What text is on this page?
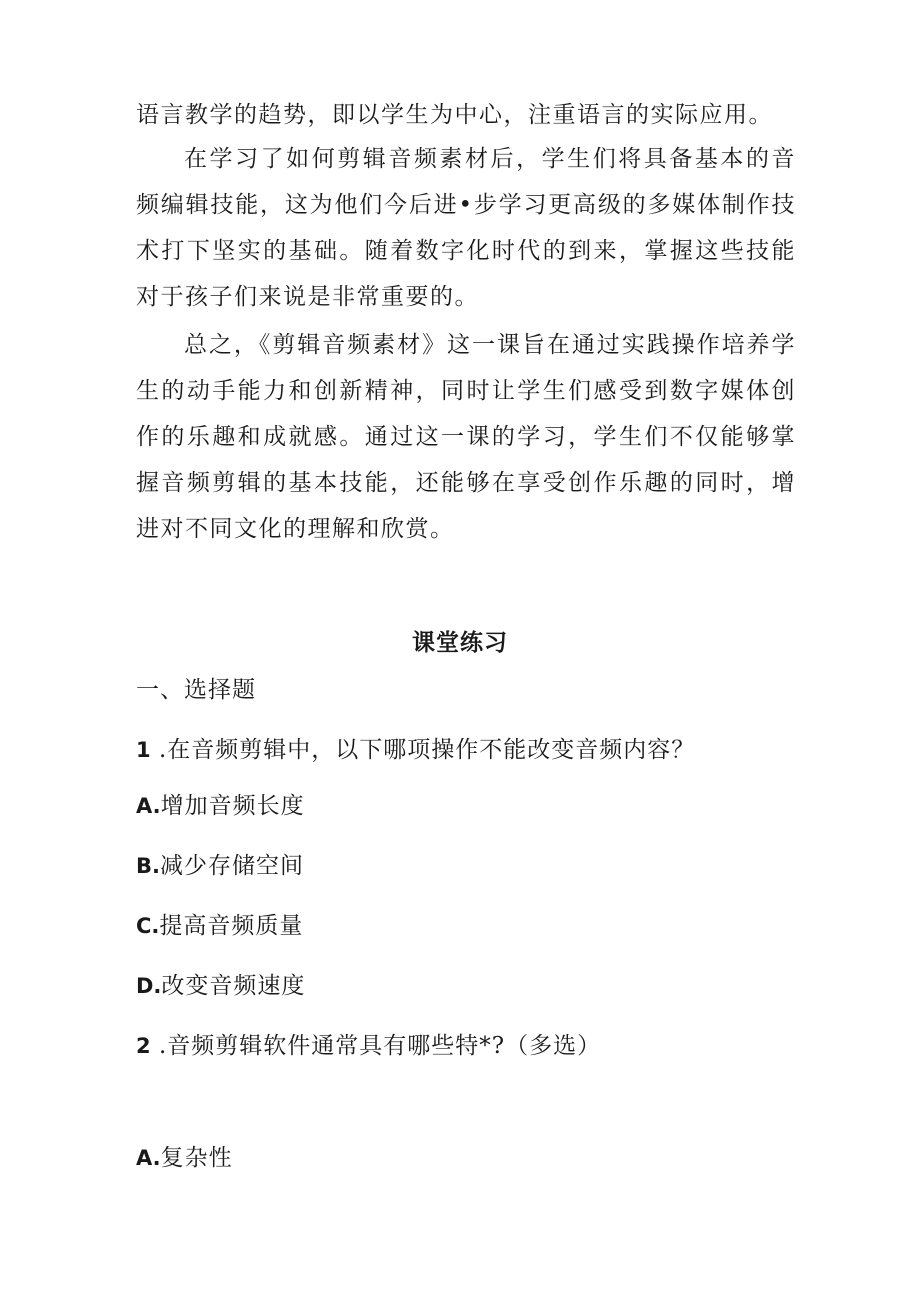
语言教学的趋势，即以学生为中心，注重语言的实际应用。

在学习了如何剪辑音频素材后，学生们将具备基本的音频编辑技能，这为他们今后进•步学习更高级的多媒体制作技术打下坚实的基础。随着数字化时代的到来，掌握这些技能对于孩子们来说是非常重要的。

总之，《剪辑音频素材》这一课旨在通过实践操作培养学生的动手能力和创新精神，同时让学生们感受到数字媒体创作的乐趣和成就感。通过这一课的学习，学生们不仅能够掌握音频剪辑的基本技能，还能够在享受创作乐趣的同时，增进对不同文化的理解和欣赏。

课堂练习

一、选择题

1 .在音频剪辑中，以下哪项操作不能改变音频内容？

A.增加音频长度

B.减少存储空间

C.提高音频质量

D.改变音频速度

2 .音频剪辑软件通常具有哪些特*?（多选）

A.复杂性
